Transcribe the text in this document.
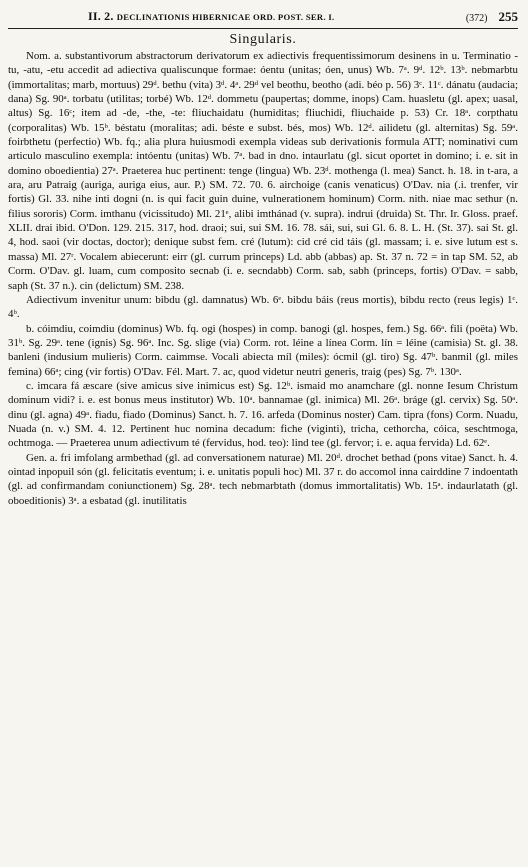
II. 2. DECLINATIONIS HIBERNICAE ORD. POST. SER. I.	(372) 255
Singularis.

Nom. a. substantivorum abstractorum derivatorum ex adiectivis frequentissimorum desinens in u. Terminatio -tu, -atu, -etu accedit ad adiectiva qualiscunque formae: óentu (unitas; óen, unus) Wb. 7ᵃ. 9ᵈ. 12ᵇ. 13ᵇ. nebmarbtu (immortalitas; marb, mortuus) 29ᵈ. bethu (vita) 3ᵈ. 4ᵃ. 29ᵈ vel beothu, beotho (adi. béo p. 56) 3ᶜ. 11ᶜ. dánatu (audacia; dana) Sg. 90ᵃ. torbatu (utilitas; torbé) Wb. 12ᵈ. dommetu (paupertas; domme, inops) Cam. huasletu (gl. apex; uasal, altus) Sg. 16ᶜ; item ad -de, -the, -te: fliuchaidatu (humiditas; fliuchidi, fliuchaide p. 53) Cr. 18ᵃ. corpthatu (corporalitas) Wb. 15ᵇ. béstatu (moralitas; adi. béste e subst. bés, mos) Wb. 12ᵈ. ailidetu (gl. alternitas) Sg. 59ᵃ. foirbthetu (perfectio) Wb. fq.; alia plura huiusmodi exempla videas sub derivationis formula ATT; nominativi cum articulo masculino exempla: intóentu (unitas) Wb. 7ᵃ. bad in dno. intaurlatu (gl. sicut oportet in domino; i. e. sit in domino oboedientia) 27ᵃ. Praeterea huc pertinent: tenge (lingua) Wb. 23ᵈ. mothenga (l. mea) Sanct. h. 18. in t-ara, a ara, aru Patraig (auriga, auriga eius, aur. P.) SM. 72. 70. 6. airchoige (canis venaticus) O'Dav. nia (.i. trenfer, vir fortis) Gl. 33. nihe inti dogni (n. is qui facit guin duine, vulnerationem hominum) Corm. nith. niae mac sethur (n. filius sororis) Corm. imthanu (vicissitudo) Ml. 21ᵉ, alibi imthánad (v. supra). indrui (druida) St. Thr. Ir. Gloss. praef. XLII. drai ibid. O'Don. 129. 215. 317, hod. draoi; sui, sui SM. 16. 78. sái, sui, sui Gl. 6. 8. L. H. (St. 37). sai St. gl. 4, hod. saoi (vir doctas, doctor); denique subst fem. cré (lutum): cid cré cid táis (gl. massam; i. e. sive lutum est s. massa) Ml. 27ʳ. Vocalem abiecerunt: eirr (gl. currum princeps) Ld. abb (abbas) ap. St. 37 n. 72 = in tap SM. 52, ab Corm. O'Dav. gl. luam, cum composito secnab (i. e. secndabb) Corm. sab, sabh (princeps, fortis) O'Dav. = sabb, saph (St. 37 n.). cin (delictum) SM. 238.

Adiectivum invenitur unum: bibdu (gl. damnatus) Wb. 6ᵉ. bibdu báis (reus mortis), bibdu recto (reus legis) 1ᶜ. 4ᵇ.

b. cóimdiu, coimdiu (dominus) Wb. fq. ogi (hospes) in comp. banogi (gl. hospes, fem.) Sg. 66ᵃ. fili (poëta) Wb. 31ᵇ. Sg. 29ᵃ. tene (ignis) Sg. 96ᵃ. Inc. Sg. slige (via) Corm. rot. léine a línea Corm. lín = léine (camisia) St. gl. 38. banleni (indusium mulieris) Corm. caimmse. Vocali abiecta míl (miles): ócmil (gl. tiro) Sg. 47ᵇ. banmil (gl. miles femina) 66ᵃ; cing (vir fortis) O'Dav. Fél. Mart. 7. ac, quod videtur neutri generis, traig (pes) Sg. 7ᵇ. 130ᵃ.

c. imcara fá æscare (sive amicus sive inimicus est) Sg. 12ᵇ. ismaid mo anamchare (gl. nonne Iesum Christum dominum vidi? i. e. est bonus meus institutor) Wb. 10ᵃ. bannamae (gl. inimica) Ml. 26ᵃ. bráge (gl. cervix) Sg. 50ᵃ. dinu (gl. agna) 49ᵃ. fiadu, fiado (Dominus) Sanct. h. 7. 16. arfeda (Dominus noster) Cam. tipra (fons) Corm. Nuadu, Nuada (n. v.) SM. 4. 12. Pertinent huc nomina decadum: fiche (viginti), tricha, cethorcha, cóica, seschtmoga, ochtmoga. — Praeterea unum adiectivum té (fervidus, hod. teo): lind tee (gl. fervor; i. e. aqua fervida) Ld. 62ᵉ.

Gen. a. fri imfolang armbethad (gl. ad conversationem naturae) Ml. 20ᵈ. drochet bethad (pons vitae) Sanct. h. 4. ointad inpopuil són (gl. felicitatis eventum; i. e. unitatis populi hoc) Ml. 37 r. do accomol inna cairddine 7 indoentath (gl. ad confirmandam coniunctionem) Sg. 28ᵃ. tech nebmarbtath (domus immortalitatis) Wb. 15ᵃ. indaurlatath (gl. oboeditionis) 3ᵃ. a esbatad (gl. inutilitatis
